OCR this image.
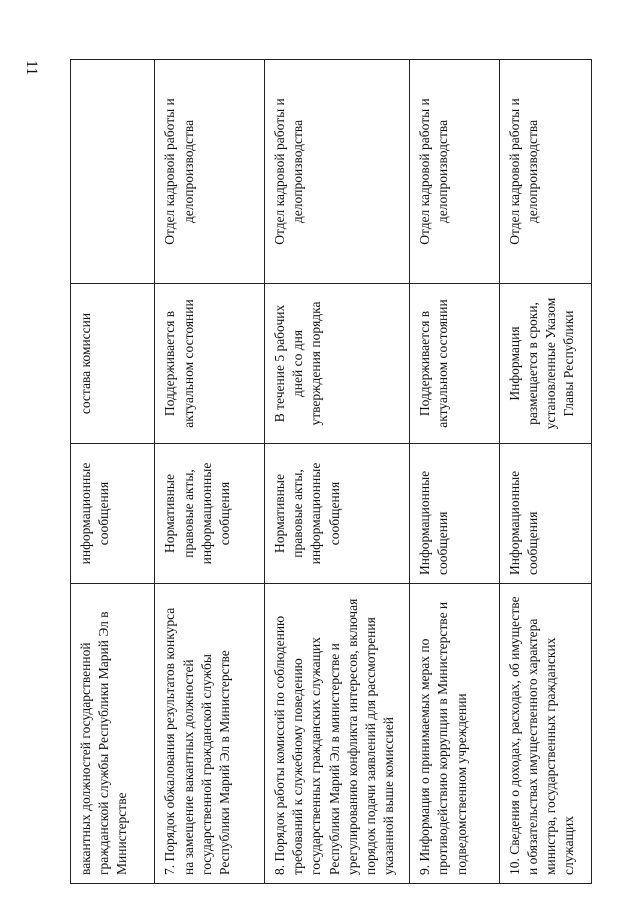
11
вакантных должностей государственной гражданской службы Республики Марий Эл в Министерстве	информационные сообщения	состава комиссии	
7. Порядок обжалования результатов конкурса на замещение вакантных должностей государственной гражданской службы Республики Марий Эл в Министерстве	Нормативные правовые акты, информационные сообщения	Поддерживается в актуальном состоянии	Отдел кадровой работы и делопроизводства
8. Порядок работы комиссий по соблюдению требований к служебному поведению государственных гражданских служащих Республики Марий Эл в министерстве и урегулированию конфликта интересов, включая порядок подачи заявлений для рассмотрения указанной выше комиссией	Нормативные правовые акты, информационные сообщения	В течение 5 рабочих дней со дня утверждения порядка	Отдел кадровой работы и делопроизводства
9. Информация о принимаемых мерах по противодействию коррупции в Министерстве и подведомственном учреждении	Информационные сообщения	Поддерживается в актуальном состоянии	Отдел кадровой работы и делопроизводства
10. Сведения о доходах, расходах, об имуществе и обязательствах имущественного характера министра, государственных гражданских служащих	Информационные сообщения	Информация размещается в сроки, установленные Указом Главы Республики	Отдел кадровой работы и делопроизводства
